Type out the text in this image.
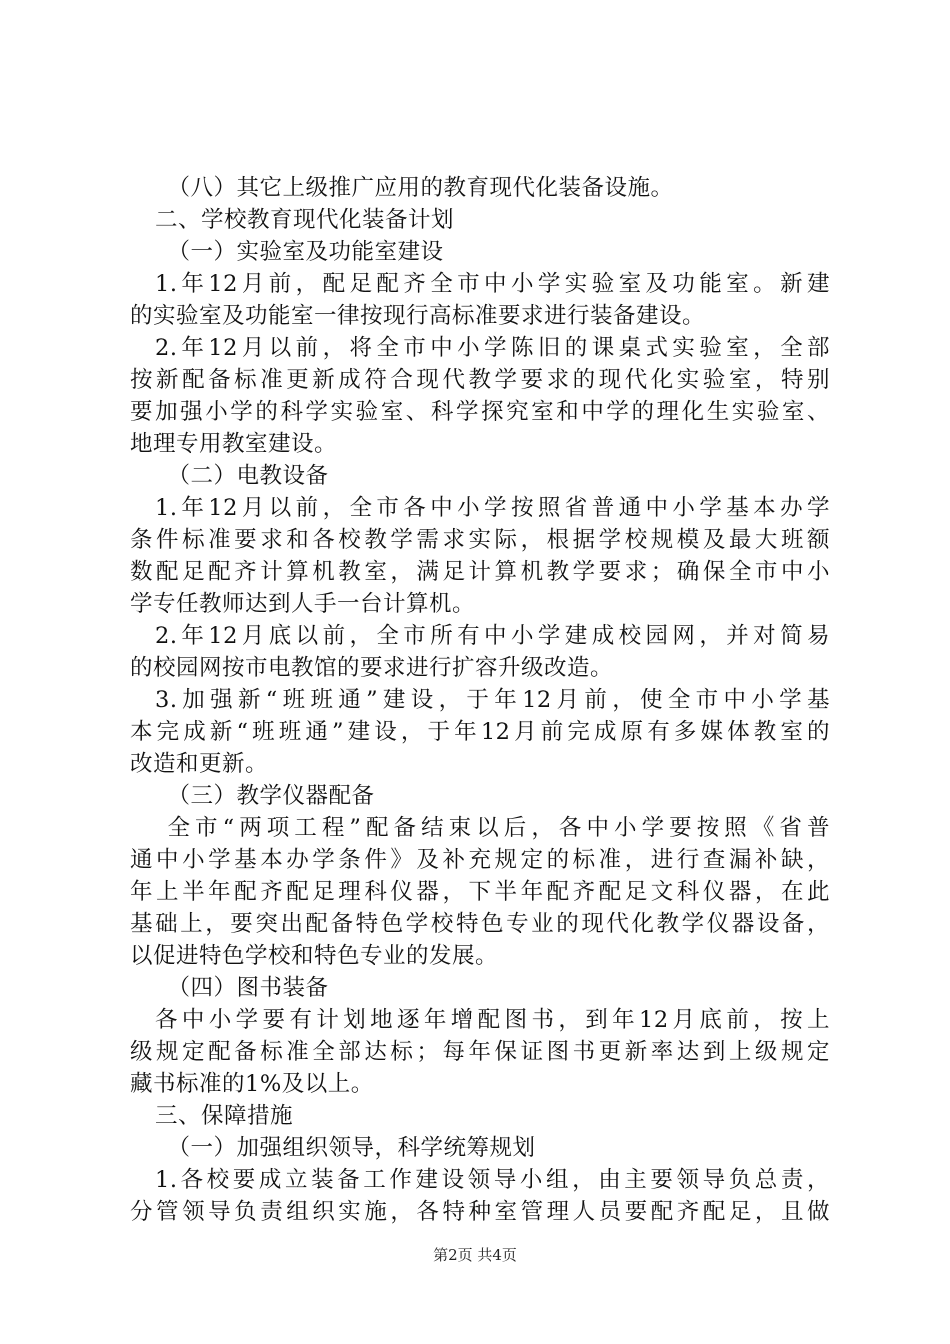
（八）其它上级推广应用的教育现代化装备设施。
二、学校教育现代化装备计划
（一）实验室及功能室建设
1.年12月前，配足配齐全市中小学实验室及功能室。新建
的实验室及功能室一律按现行高标准要求进行装备建设。
2.年12月以前，将全市中小学陈旧的课桌式实验室，全部
按新配备标准更新成符合现代教学要求的现代化实验室，特别
要加强小学的科学实验室、科学探究室和中学的理化生实验室、
地理专用教室建设。
（二）电教设备
1.年12月以前，全市各中小学按照省普通中小学基本办学
条件标准要求和各校教学需求实际，根据学校规模及最大班额
数配足配齐计算机教室，满足计算机教学要求；确保全市中小
学专任教师达到人手一台计算机。
2.年12月底以前，全市所有中小学建成校园网，并对简易
的校园网按市电教馆的要求进行扩容升级改造。
3.加强新“班班通”建设，于年12月前，使全市中小学基
本完成新“班班通”建设，于年12月前完成原有多媒体教室的
改造和更新。
（三）教学仪器配备
全市“两项工程”配备结束以后，各中小学要按照《省普
通中小学基本办学条件》及补充规定的标准，进行查漏补缺，
年上半年配齐配足理科仪器，下半年配齐配足文科仪器，在此
基础上，要突出配备特色学校特色专业的现代化教学仪器设备，
以促进特色学校和特色专业的发展。
（四）图书装备
各中小学要有计划地逐年增配图书，到年12月底前，按上
级规定配备标准全部达标；每年保证图书更新率达到上级规定
藏书标准的1%及以上。
三、保障措施
（一）加强组织领导，科学统筹规划
1.各校要成立装备工作建设领导小组，由主要领导负总责，
分管领导负责组织实施，各特种室管理人员要配齐配足，且做
第2页 共4页
